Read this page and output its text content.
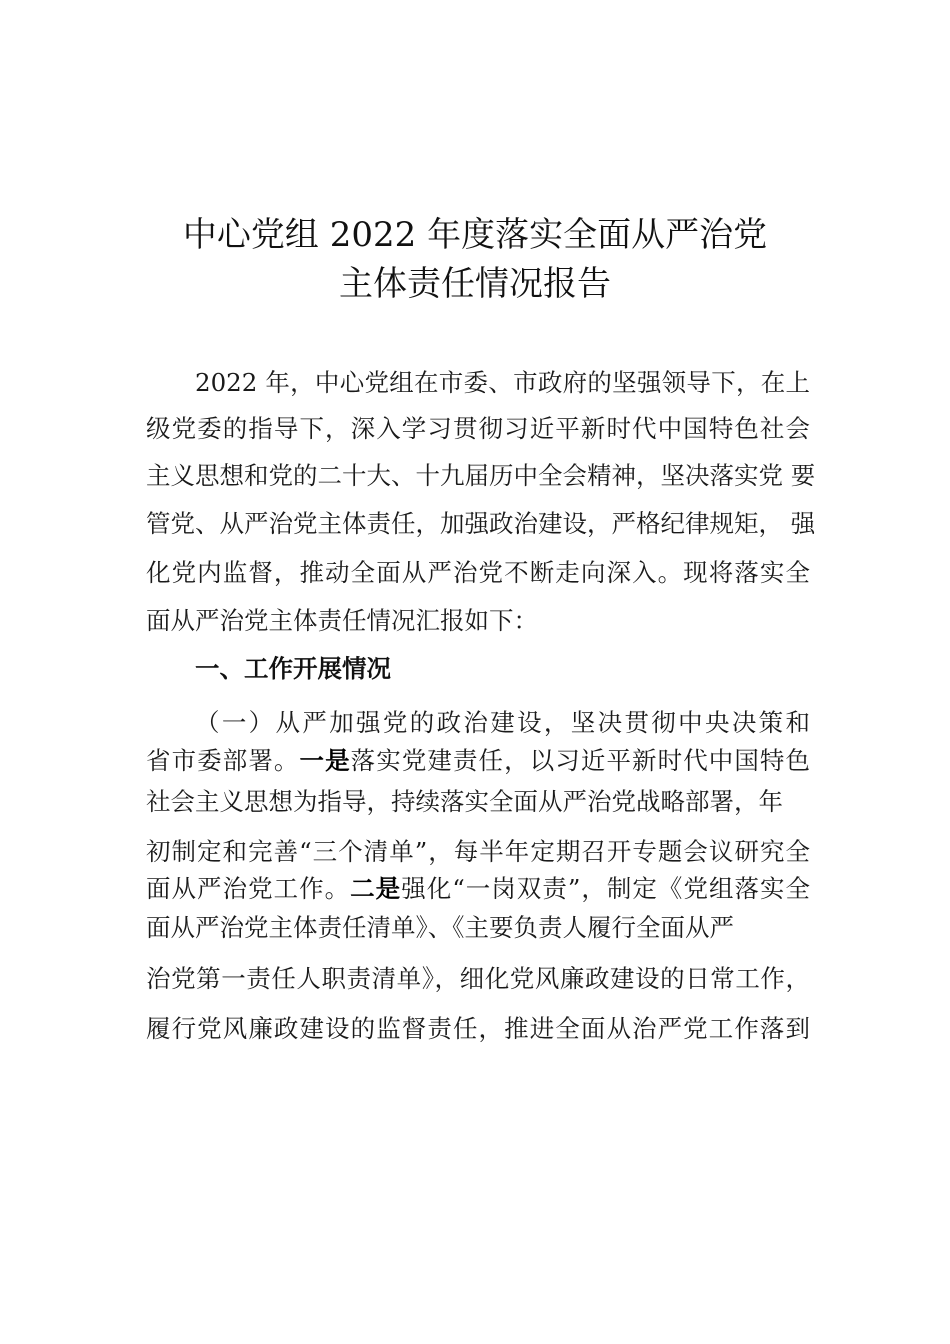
中心党组 2022 年度落实全面从严治党
主体责任情况报告
2022 年，中心党组在市委、市政府的坚强领导下，在上
级党委的指导下，深入学习贯彻习近平新时代中国特色社会
主义思想和党的二十大、十九届历中全会精神，坚决落实党 要
管党、从严治党主体责任，加强政治建设，严格纪律规矩， 强
化党内监督，推动全面从严治党不断走向深入。现将落实全
面从严治党主体责任情况汇报如下：
一、工作开展情况
（一）从严加强党的政治建设，坚决贯彻中央决策和
省市委部署。一是落实党建责任，以习近平新时代中国特色
社会主义思想为指导，持续落实全面从严治党战略部署，年
初制定和完善“三个清单”，每半年定期召开专题会议研究全
面从严治党工作。二是强化“一岗双责”，制定《党组落实全
面从严治党主体责任清单》、《主要负责人履行全面从严
治党第一责任人职责清单》，细化党风廉政建设的日常工作，
履行党风廉政建设的监督责任，推进全面从治严党工作落到
